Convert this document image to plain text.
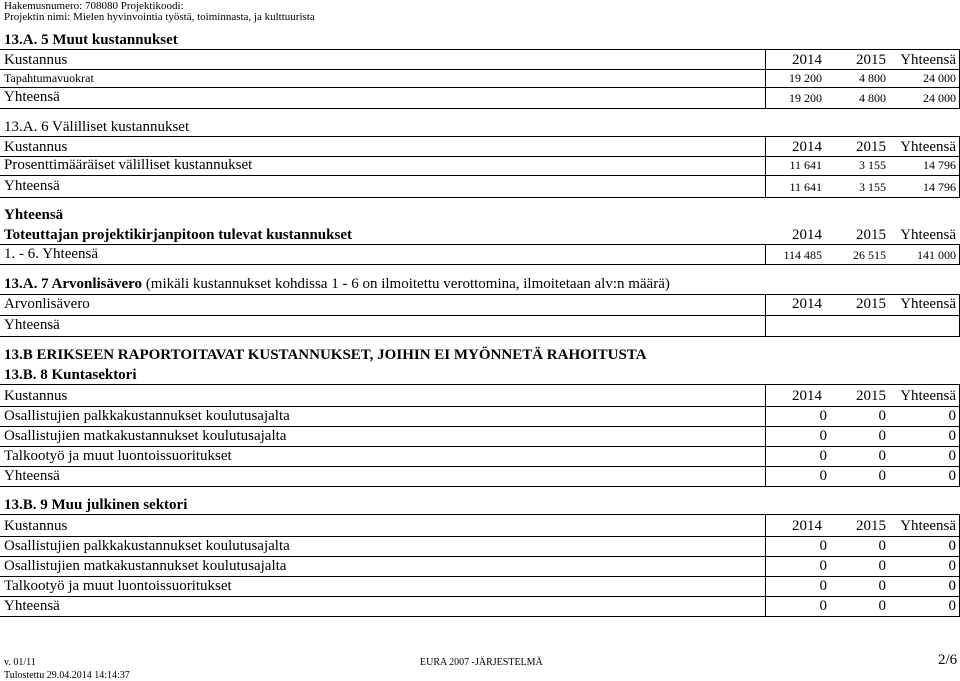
Hakemusnumero: 708080 Projektikoodi:
Projektin nimi: Mielen hyvinvointia työstä, toiminnasta, ja kulttuurista
13.A. 5 Muut kustannukset
Kustannus	2014	2015 Yhteensä
Tapahtumavuokrat	19 200	4 800	24 000
Yhteensä	19 200	4 800	24 000
13.A. 6 Välilliset kustannukset
Kustannus	2014	2015 Yhteensä
Prosenttimääräiset välilliset kustannukset	11 641	3 155	14 796
Yhteensä	11 641	3 155	14 796
Yhteensä
Toteuttajan projektikirjanpitoon tulevat kustannukset	2014	2015 Yhteensä
1. - 6. Yhteensä	114 485	26 515	141 000
13.A. 7 Arvonlisävero (mikäli kustannukset kohdissa 1 - 6 on ilmoitettu verottomina, ilmoitetaan alv:n määrä)
Arvonlisävero	2014	2015 Yhteensä
Yhteensä
13.B ERIKSEEN RAPORTOITAVAT KUSTANNUKSET, JOIHIN EI MYÖNNETÄ RAHOITUSTA
13.B. 8 Kuntasektori
Kustannus	2014	2015 Yhteensä
Osallistujien palkkakustannukset koulutusajalta	0	0	0
Osallistujien matkakustannukset koulutusajalta	0	0	0
Talkootyö ja muut luontoissuoritukset	0	0	0
Yhteensä	0	0	0
13.B. 9 Muu julkinen sektori
Kustannus	2014	2015 Yhteensä
Osallistujien palkkakustannukset koulutusajalta	0	0	0
Osallistujien matkakustannukset koulutusajalta	0	0	0
Talkootyö ja muut luontoissuoritukset	0	0	0
Yhteensä	0	0	0
v. 01/11	EURA 2007 -JÄRJESTELMÄ	2/6
Tulostettu 29.04.2014 14:14:37
